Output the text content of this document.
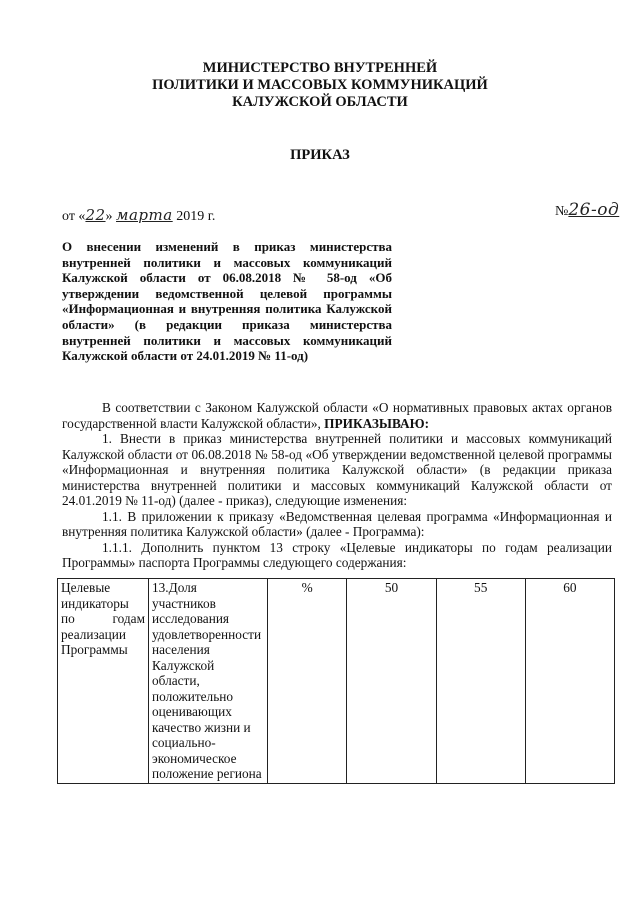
МИНИСТЕРСТВО ВНУТРЕННЕЙ
ПОЛИТИКИ И МАССОВЫХ КОММУНИКАЦИЙ
КАЛУЖСКОЙ ОБЛАСТИ
ПРИКАЗ
от «22» марта 2019 г.	№26-од
О внесении изменений в приказ министерства внутренней политики и массовых коммуникаций Калужской области от 06.08.2018 № 58-од «Об утверждении ведомственной целевой программы «Информационная и внутренняя политика Калужской области» (в редакции приказа министерства внутренней политики и массовых коммуникаций Калужской области от 24.01.2019 № 11-од)

В соответствии с Законом Калужской области «О нормативных правовых актах органов государственной власти Калужской области», ПРИКАЗЫВАЮ:

1. Внести в приказ министерства внутренней политики и массовых коммуникаций Калужской области от 06.08.2018 № 58-од «Об утверждении ведомственной целевой программы «Информационная и внутренняя политика Калужской области» (в редакции приказа министерства внутренней политики и массовых коммуникаций Калужской области от 24.01.2019 № 11-од) (далее - приказ), следующие изменения:

1.1. В приложении к приказу «Ведомственная целевая программа «Информационная и внутренняя политика Калужской области» (далее - Программа):

1.1.1. Дополнить пунктом 13 строку «Целевые индикаторы по годам реализации Программы» паспорта Программы следующего содержания:

Целевые индикаторы по годам реализации Программы	13.Доля участников исследования удовлетворенности населения Калужской области, положительно оценивающих качество жизни и социально-экономическое положение региона	%	50	55	60
